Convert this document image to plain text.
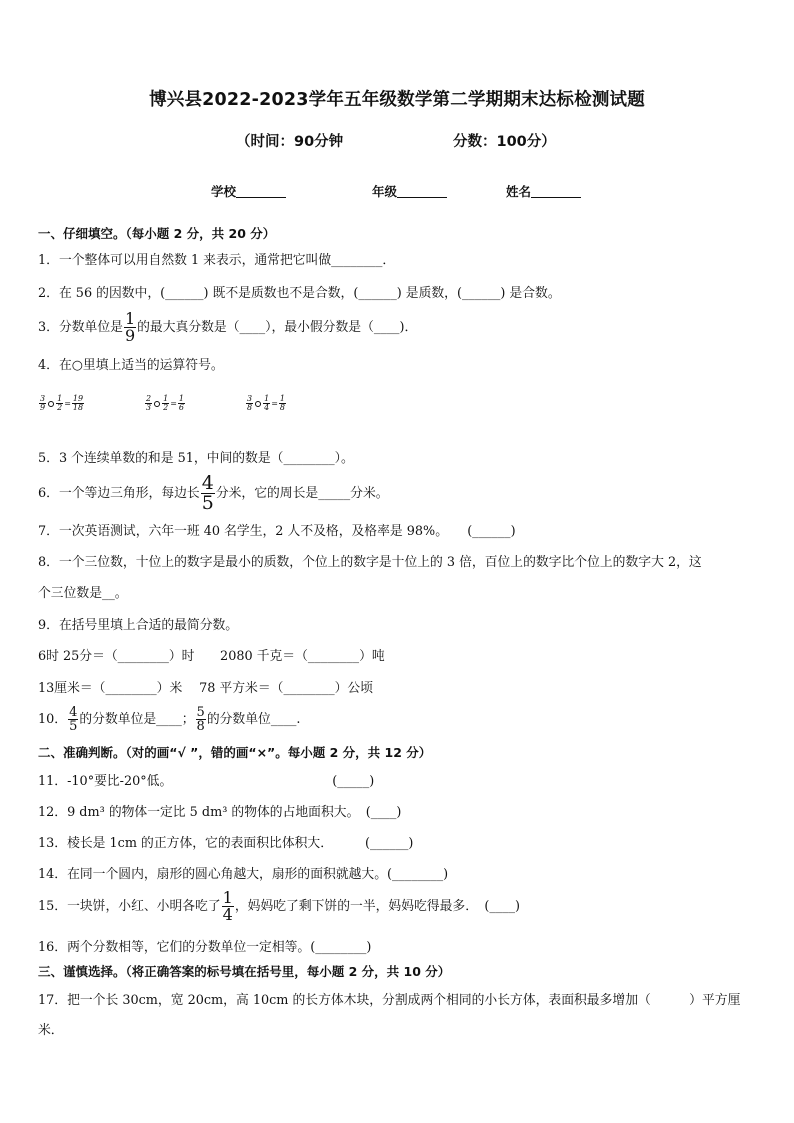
博兴县2022-2023学年五年级数学第二学期期末达标检测试题
（时间：90分钟	分数：100分）
学校	年级	姓名
一、仔细填空。（每小题 2 分，共 20 分）
1．一个整体可以用自然数 1 来表示，通常把它叫做________．
2．在 56 的因数中，(______) 既不是质数也不是合数，(______) 是质数，(______) 是合数。
3．分数单位是 $\frac{1}{9}$ 的最大真分数是（____），最小假分数是（____)．
4．在○里填上适当的运算符号。
$\frac{3}{9} \frac{1}{2} = \frac{19}{18}$	$\frac{2}{3} \frac{1}{2} = \frac{1}{6}$	$\frac{3}{8} \frac{1}{4} = \frac{1}{8}$
5．3 个连续单数的和是 51，中间的数是（________）。
6．一个等边三角形，每边长 $\frac{4}{5}$ 分米，它的周长是_____分米。
7．一次英语测试，六年一班 40 名学生，2 人不及格，及格率是 98%。　　(______)
8．一个三位数，十位上的数字是最小的质数，个位上的数字是十位上的 3 倍，百位上的数字比个位上的数字大 2，这
个三位数是__。
9．在括号里填上合适的最简分数。
6时 25分＝（________）时　　2080 千克＝（________）吨
13厘米＝（________）米　 78 平方米＝（________）公顷
10． $\frac{4}{5}$ 的分数单位是____； $\frac{5}{8}$ 的分数单位____.
二、准确判断。（对的画“√ ”，错的画“×”。每小题 2 分，共 12 分）
11．-10°要比-20°低。　　　　　　　　　　　　　(_____)
12．9 dm³ 的物体一定比 5 dm³ 的物体的占地面积大。　(____)
13．棱长是 1cm 的正方体，它的表面积比体积大．　　　(______)
14．在同一个圆内，扇形的圆心角越大，扇形的面积就越大。(________)
15．一块饼，小红、小明各吃了 $\frac{1}{4}$ ，妈妈吃了剩下饼的一半，妈妈吃得最多．　(____)
16．两个分数相等，它们的分数单位一定相等。(________)
三、谨慎选择。（将正确答案的标号填在括号里，每小题 2 分，共 10 分）
17．把一个长 30cm，宽 20cm，高 10cm 的长方体木块，分割成两个相同的小长方体，表面积最多增加（　　　）平方厘
米．
